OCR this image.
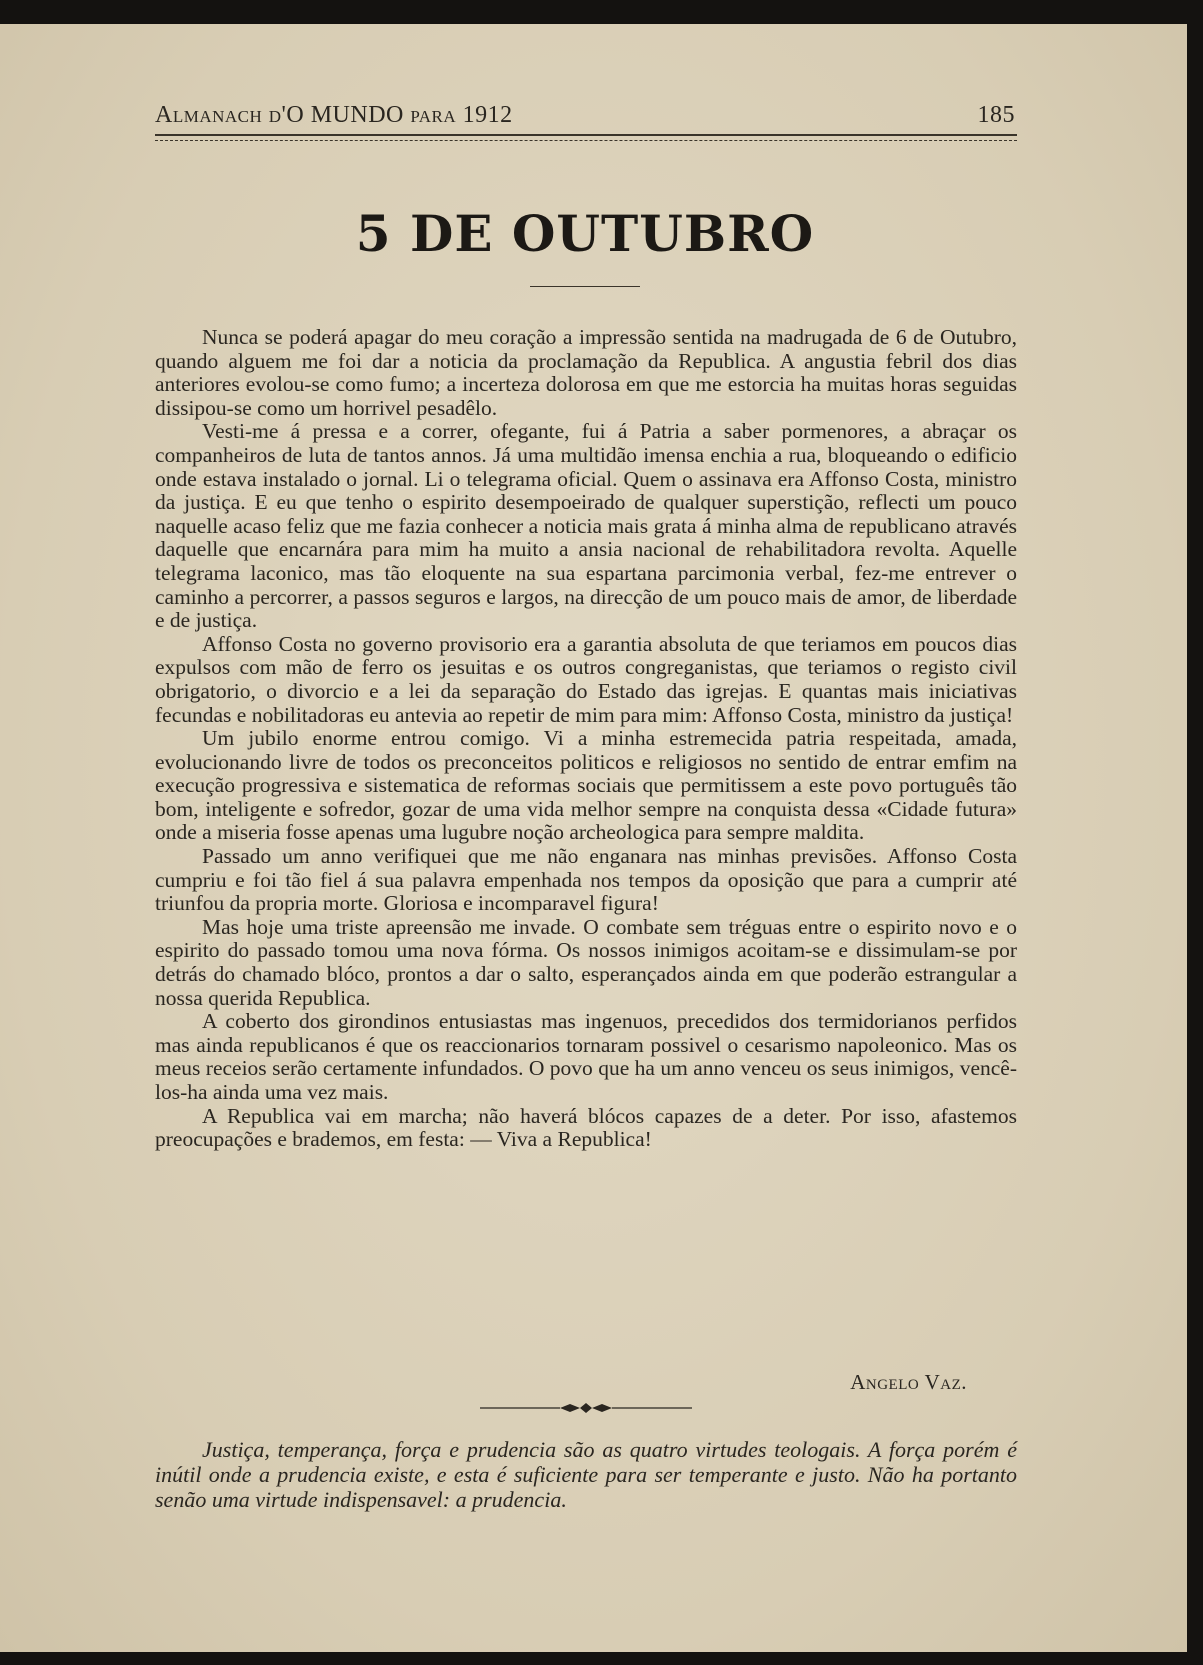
Almanach d'O MUNDO para 1912	185
5 DE OUTUBRO

Nunca se poderá apagar do meu coração a impressão sentida na madrugada de 6 de Outubro, quando alguem me foi dar a noticia da proclamação da Republica. A angustia febril dos dias anteriores evolou-se como fumo; a incerteza dolorosa em que me estorcia ha muitas horas seguidas dissipou-se como um horrivel pesadêlo.

Vesti-me á pressa e a correr, ofegante, fui á Patria a saber pormenores, a abraçar os companheiros de luta de tantos annos. Já uma multidão imensa enchia a rua, bloqueando o edificio onde estava instalado o jornal. Li o telegrama oficial. Quem o assinava era Affonso Costa, ministro da justiça. E eu que tenho o espirito desempoeirado de qualquer superstição, reflecti um pouco naquelle acaso feliz que me fazia conhecer a noticia mais grata á minha alma de republicano através daquelle que encarnára para mim ha muito a ansia nacional de rehabilitadora revolta. Aquelle telegrama laconico, mas tão eloquente na sua espartana parcimonia verbal, fez-me entrever o caminho a percorrer, a passos seguros e largos, na direcção de um pouco mais de amor, de liberdade e de justiça.

Affonso Costa no governo provisorio era a garantia absoluta de que teriamos em poucos dias expulsos com mão de ferro os jesuitas e os outros congreganistas, que teriamos o registo civil obrigatorio, o divorcio e a lei da separação do Estado das igrejas. E quantas mais iniciativas fecundas e nobilitadoras eu antevia ao repetir de mim para mim: Affonso Costa, ministro da justiça!

Um jubilo enorme entrou comigo. Vi a minha estremecida patria respeitada, amada, evolucionando livre de todos os preconceitos politicos e religiosos no sentido de entrar emfim na execução progressiva e sistematica de reformas sociais que permitissem a este povo português tão bom, inteligente e sofredor, gozar de uma vida melhor sempre na conquista dessa «Cidade futura» onde a miseria fosse apenas uma lugubre noção archeologica para sempre maldita.

Passado um anno verifiquei que me não enganara nas minhas previsões. Affonso Costa cumpriu e foi tão fiel á sua palavra empenhada nos tempos da oposição que para a cumprir até triunfou da propria morte. Gloriosa e incomparavel figura!

Mas hoje uma triste apreensão me invade. O combate sem tréguas entre o espirito novo e o espirito do passado tomou uma nova fórma. Os nossos inimigos acoitam-se e dissimulam-se por detrás do chamado blóco, prontos a dar o salto, esperançados ainda em que poderão estrangular a nossa querida Republica.

A coberto dos girondinos entusiastas mas ingenuos, precedidos dos termidorianos perfidos mas ainda republicanos é que os reaccionarios tornaram possivel o cesarismo napoleonico. Mas os meus receios serão certamente infundados. O povo que ha um anno venceu os seus inimigos, vencê-los-ha ainda uma vez mais.

A Republica vai em marcha; não haverá blócos capazes de a deter. Por isso, afastemos preocupações e brademos, em festa: — Viva a Republica!

Angelo Vaz.

Justiça, temperança, força e prudencia são as quatro virtudes teologais. A força porém é inútil onde a prudencia existe, e esta é suficiente para ser temperante e justo. Não ha portanto senão uma virtude indispensavel: a prudencia.
